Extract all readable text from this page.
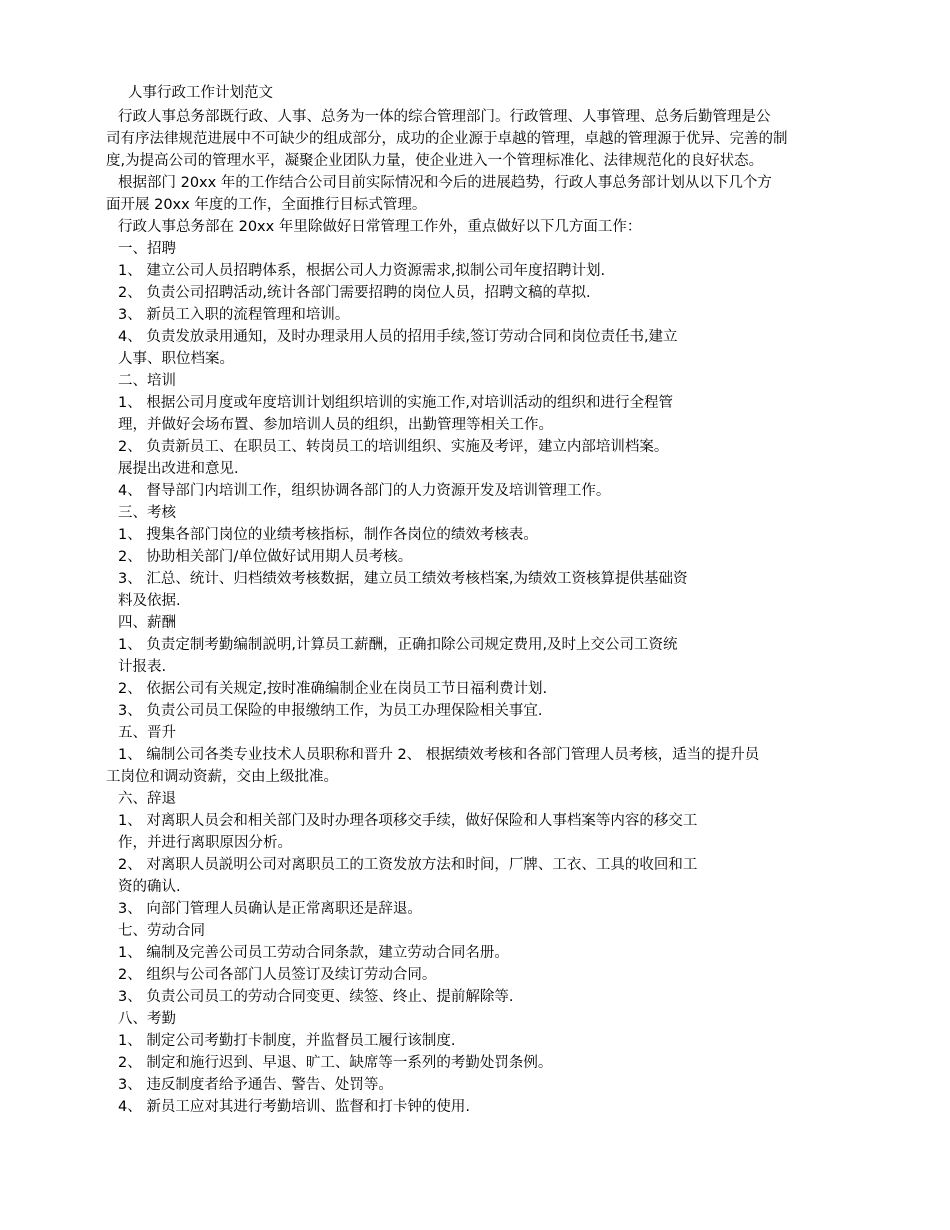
人事行政工作计划范文
行政人事总务部既行政、人事、总务为一体的综合管理部门。行政管理、人事管理、总务后勤管理是公
司有序法律规范进展中不可缺少的组成部分，成功的企业源于卓越的管理，卓越的管理源于优异、完善的制
度,为提高公司的管理水平，凝聚企业团队力量，使企业进入一个管理标准化、法律规范化的良好状态。
根据部门 20xx 年的工作结合公司目前实际情况和今后的进展趋势，行政人事总务部计划从以下几个方
面开展 20xx 年度的工作，全面推行目标式管理。
行政人事总务部在 20xx 年里除做好日常管理工作外，重点做好以下几方面工作：
一、招聘
1、 建立公司人员招聘体系，根据公司人力资源需求,拟制公司年度招聘计划.
2、 负责公司招聘活动,统计各部门需要招聘的岗位人员，招聘文稿的草拟.
3、 新员工入职的流程管理和培训。
4、 负责发放录用通知，及时办理录用人员的招用手续,签订劳动合同和岗位责任书,建立
人事、职位档案。
二、培训
1、 根据公司月度或年度培训计划组织培训的实施工作,对培训活动的组织和进行全程管
理，并做好会场布置、参加培训人员的组织，出勤管理等相关工作。
2、 负责新员工、在职员工、转岗员工的培训组织、实施及考评，建立内部培训档案。
展提出改进和意见.
4、 督导部门内培训工作，组织协调各部门的人力资源开发及培训管理工作。
三、考核
1、 搜集各部门岗位的业绩考核指标，制作各岗位的绩效考核表。
2、 协助相关部门/单位做好试用期人员考核。
3、 汇总、统计、归档绩效考核数据，建立员工绩效考核档案,为绩效工资核算提供基础资
料及依据.
四、薪酬
1、 负责定制考勤编制説明,计算员工薪酬，正确扣除公司规定费用,及时上交公司工资统
计报表.
2、 依据公司有关规定,按时准确编制企业在岗员工节日福利费计划.
3、 负责公司员工保险的申报缴纳工作，为员工办理保险相关事宜.
五、晋升
1、 编制公司各类专业技术人员职称和晋升 2、 根据绩效考核和各部门管理人员考核，适当的提升员
工岗位和调动资薪，交由上级批准。
六、辞退
1、 对离职人员会和相关部门及时办理各项移交手续，做好保险和人事档案等内容的移交工
作，并进行离职原因分析。
2、 对离职人员説明公司对离职员工的工资发放方法和时间，厂牌、工衣、工具的收回和工
资的确认.
3、 向部门管理人员确认是正常离职还是辞退。
七、劳动合同
1、 编制及完善公司员工劳动合同条款，建立劳动合同名册。
2、 组织与公司各部门人员签订及续订劳动合同。
3、 负责公司员工的劳动合同变更、续签、终止、提前解除等.
八、考勤
1、 制定公司考勤打卡制度，并监督员工履行该制度.
2、 制定和施行迟到、早退、旷工、缺席等一系列的考勤处罚条例。
3、 违反制度者给予通告、警告、处罚等。
4、 新员工应对其进行考勤培训、监督和打卡钟的使用.
